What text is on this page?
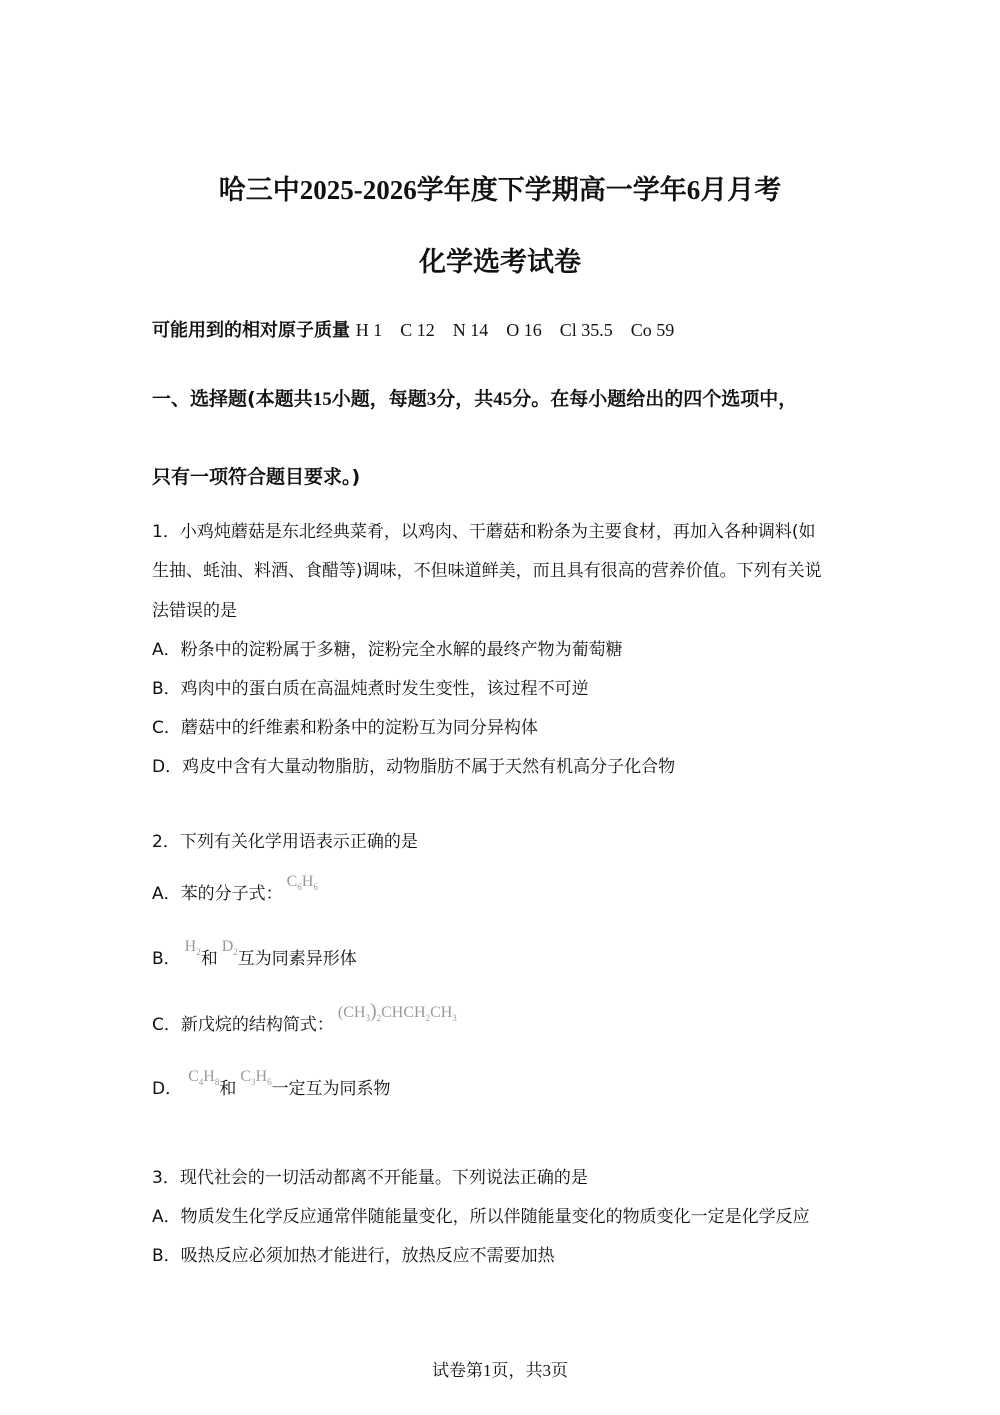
哈三中2025-2026学年度下学期高一学年6月月考
化学选考试卷
可能用到的相对原子质量 H 1    C 12    N 14    O 16    Cl 35.5    Co 59
一、选择题(本题共15小题，每题3分，共45分。在每小题给出的四个选项中，
只有一项符合题目要求。)
1．小鸡炖蘑菇是东北经典菜肴，以鸡肉、干蘑菇和粉条为主要食材，再加入各种调料(如
生抽、蚝油、料酒、食醋等)调味，不但味道鲜美，而且具有很高的营养价值。下列有关说
法错误的是
A．粉条中的淀粉属于多糖，淀粉完全水解的最终产物为葡萄糖
B．鸡肉中的蛋白质在高温炖煮时发生变性，该过程不可逆
C．蘑菇中的纤维素和粉条中的淀粉互为同分异构体
D．鸡皮中含有大量动物脂肪，动物脂肪不属于天然有机高分子化合物
2．下列有关化学用语表示正确的是
A．苯的分子式：$C_6H_6$
B．$H_2$和$D_2$互为同素异形体
C．新戊烷的结构简式：$(CH_3)_2CHCH_2CH_3$
D．$C_4H_8$和$C_3H_6$一定互为同系物
3．现代社会的一切活动都离不开能量。下列说法正确的是
A．物质发生化学反应通常伴随能量变化，所以伴随能量变化的物质变化一定是化学反应
B．吸热反应必须加热才能进行，放热反应不需要加热
试卷第1页，共3页
